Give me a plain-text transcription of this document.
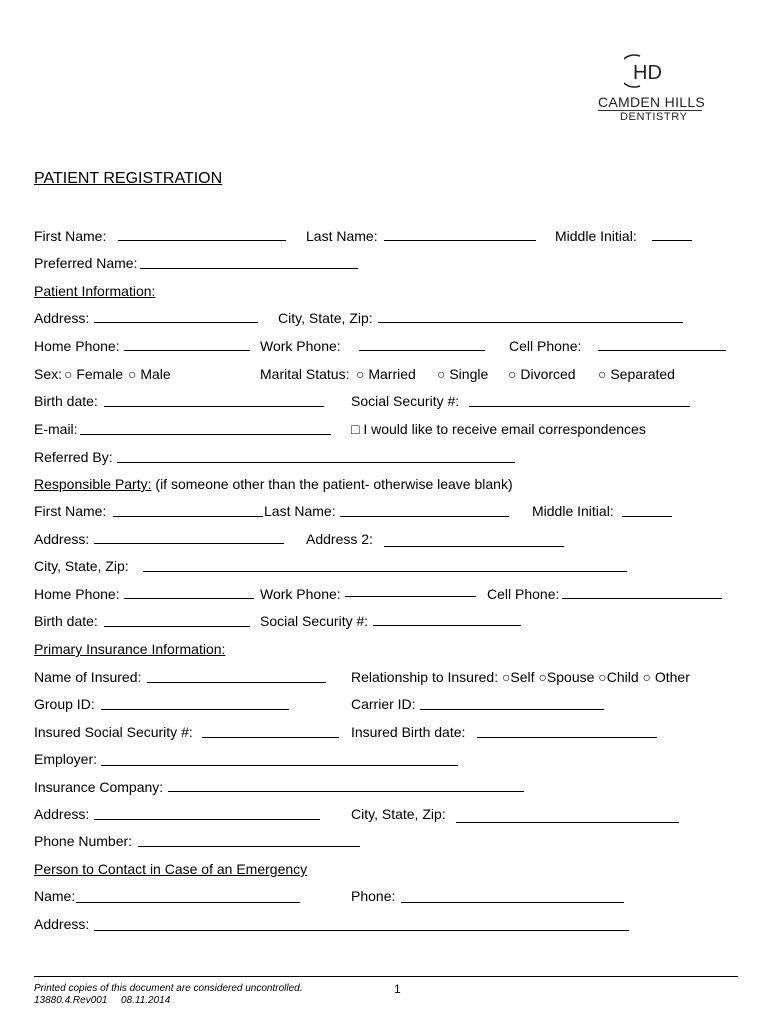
HD
CAMDEN HILLS
DENTISTRY
PATIENT REGISTRATION
First Name:	Last Name:	Middle Initial:
Preferred Name:
Patient Information:
Address:	City, State, Zip:
Home Phone:	Work Phone:	Cell Phone:
Sex: ○ Female ○ Male	Marital Status: ○ Married ○ Single ○ Divorced ○ Separated
Birth date:	Social Security #:
E-mail:	□ I would like to receive email correspondences
Referred By:
Responsible Party: (if someone other than the patient- otherwise leave blank)
First Name:	Last Name:	Middle Initial:
Address:	Address 2:
City, State, Zip:
Home Phone:	Work Phone:	Cell Phone:
Birth date:	Social Security #:
Primary Insurance Information:
Name of Insured:	Relationship to Insured: ○Self ○Spouse ○Child ○ Other
Group ID:	Carrier ID:
Insured Social Security #:	Insured Birth date:
Employer:
Insurance Company:
Address:	City, State, Zip:
Phone Number:
Person to Contact in Case of an Emergency
Name:	Phone:
Address:
Printed copies of this document are considered uncontrolled.
13880.4.Rev001 08.11.2014
1
